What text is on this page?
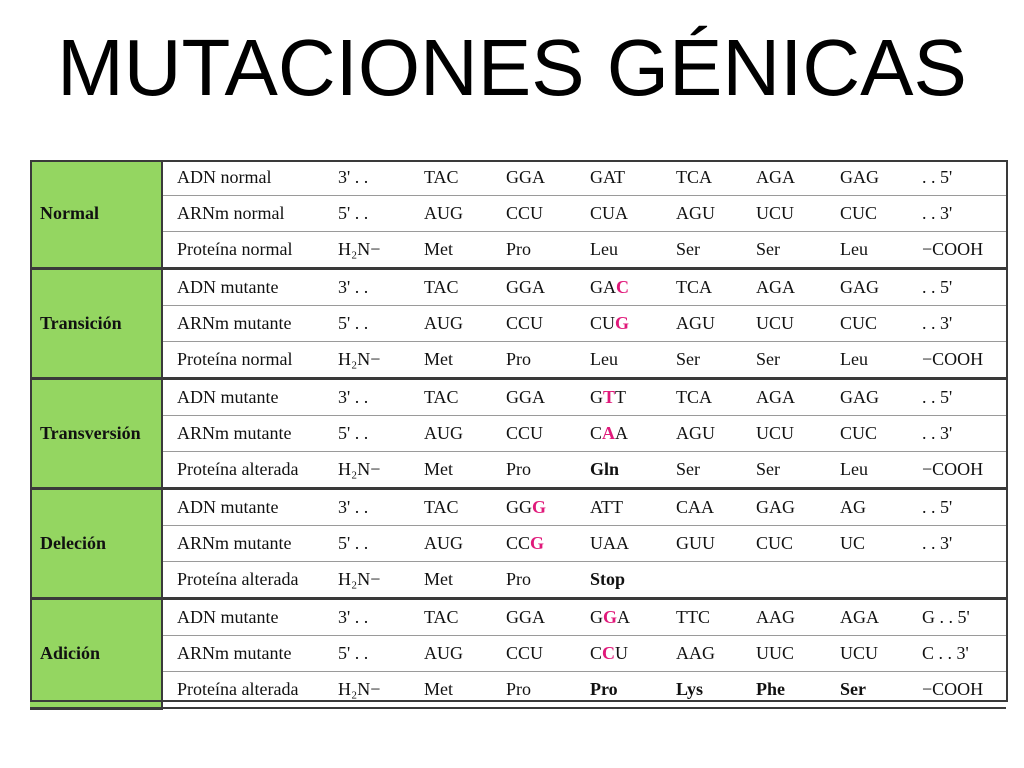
MUTACIONES GÉNICAS
Normal	ADN normal	3' . .	TAC	GGA	GAT	TCA	AGA	GAG	. . 5'
	ARNm normal	5' . .	AUG	CCU	CUA	AGU	UCU	CUC	. . 3'
	Proteína normal	H₂N−	Met	Pro	Leu	Ser	Ser	Leu	−COOH
Transición	ADN mutante	3' . .	TAC	GGA	GAC	TCA	AGA	GAG	. . 5'
	ARNm mutante	5' . .	AUG	CCU	CUG	AGU	UCU	CUC	. . 3'
	Proteína normal	H₂N−	Met	Pro	Leu	Ser	Ser	Leu	−COOH
Transversión	ADN mutante	3' . .	TAC	GGA	GTT	TCA	AGA	GAG	. . 5'
	ARNm mutante	5' . .	AUG	CCU	CAA	AGU	UCU	CUC	. . 3'
	Proteína alterada	H₂N−	Met	Pro	Gln	Ser	Ser	Leu	−COOH
Deleción	ADN mutante	3' . .	TAC	GGG	ATT	CAA	GAG	AG	. . 5'
	ARNm mutante	5' . .	AUG	CCG	UAA	GUU	CUC	UC	. . 3'
	Proteína alterada	H₂N−	Met	Pro	Stop				
Adición	ADN mutante	3' . .	TAC	GGA	GGA	TTC	AAG	AGA	G . . 5'
	ARNm mutante	5' . .	AUG	CCU	CCU	AAG	UUC	UCU	C . . 3'
	Proteína alterada	H₂N−	Met	Pro	Pro	Lys	Phe	Ser	−COOH
